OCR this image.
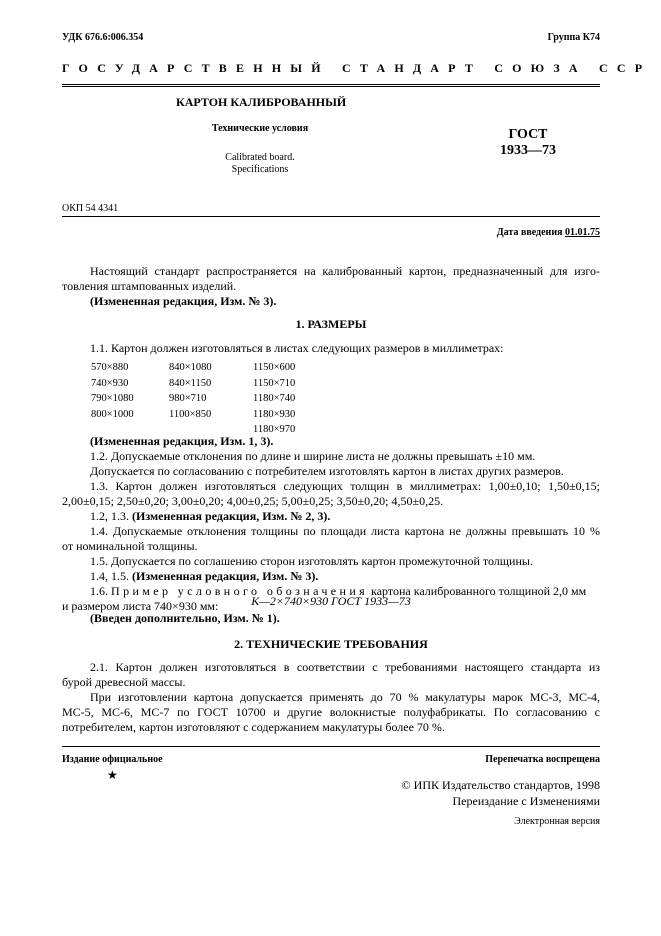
УДК 676.6:006.354	Группа К74
ГОСУДАРСТВЕННЫЙ СТАНДАРТ СОЮЗА ССР
КАРТОН КАЛИБРОВАННЫЙ
Технические условия
Calibrated board.
Specifications
ГОСТ
1933—73
ОКП 54 4341
Дата введения 01.01.75
Настоящий стандарт распространяется на калиброванный картон, предназначенный для изго-
товления штампованных изделий.
(Измененная редакция, Изм. № 3).
1. РАЗМЕРЫ
1.1. Картон должен изготовляться в листах следующих размеров в миллиметрах:
570×880
740×930
790×1080
800×1000
840×1080
840×1150
980×710
1100×850
1150×600
1150×710
1180×740
1180×930
1180×970
(Измененная редакция, Изм. 1, 3).
1.2. Допускаемые отклонения по длине и ширине листа не должны превышать ±10 мм.
Допускается по согласованию с потребителем изготовлять картон в листах других размеров.
1.3. Картон должен изготовляться следующих толщин в миллиметрах: 1,00±0,10; 1,50±0,15;
2,00±0,15; 2,50±0,20; 3,00±0,20; 4,00±0,25; 5,00±0,25; 3,50±0,20; 4,50±0,25.
1.2, 1.3. (Измененная редакция, Изм. № 2, 3).
1.4. Допускаемые отклонения толщины по площади листа картона не должны превышать 10 %
от номинальной толщины.
1.5. Допускается по соглашению сторон изготовлять картон промежуточной толщины.
1.4, 1.5. (Измененная редакция, Изм. № 3).
1.6. Пример условного обозначения картона калиброванного толщиной 2,0 мм
и размером листа 740×930 мм:	К—2×740×930 ГОСТ 1933—73
(Введен дополнительно, Изм. № 1).
2. ТЕХНИЧЕСКИЕ ТРЕБОВАНИЯ
2.1. Картон должен изготовляться в соответствии с требованиями настоящего стандарта из
бурой древесной массы.
При изготовлении картона допускается применять до 70 % макулатуры марок МС-3, МС-4,
МС-5, МС-6, МС-7 по ГОСТ 10700 и другие волокнистые полуфабрикаты. По согласованию с
потребителем, картон изготовляют с содержанием макулатуры более 70 %.
Издание официальное
★
Перепечатка воспрещена
© ИПК Издательство стандартов, 1998
Переиздание с Изменениями
Электронная версия
